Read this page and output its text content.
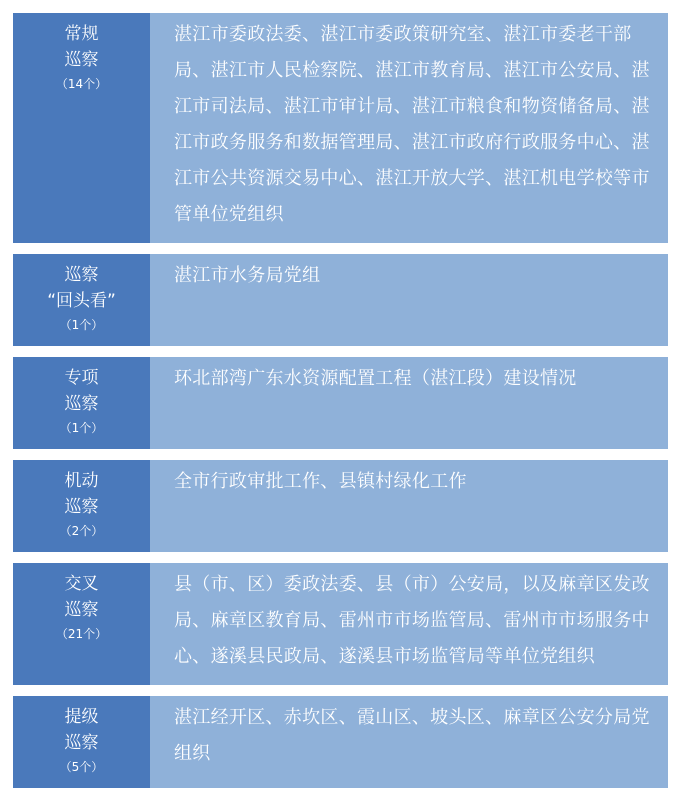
常规
巡察
（14个）
湛江市委政法委、湛江市委政策研究室、湛江市委老干部局、湛江市人民检察院、湛江市教育局、湛江市公安局、湛江市司法局、湛江市审计局、湛江市粮食和物资储备局、湛江市政务服务和数据管理局、湛江市政府行政服务中心、湛江市公共资源交易中心、湛江开放大学、湛江机电学校等市管单位党组织
巡察
“回头看”
（1个）
湛江市水务局党组
专项
巡察
（1个）
环北部湾广东水资源配置工程（湛江段）建设情况
机动
巡察
（2个）
全市行政审批工作、县镇村绿化工作
交叉
巡察
（21个）
县（市、区）委政法委、县（市）公安局，以及麻章区发改局、麻章区教育局、雷州市市场监管局、雷州市市场服务中心、遂溪县民政局、遂溪县市场监管局等单位党组织
提级
巡察
（5个）
湛江经开区、赤坎区、霞山区、坡头区、麻章区公安分局党组织
